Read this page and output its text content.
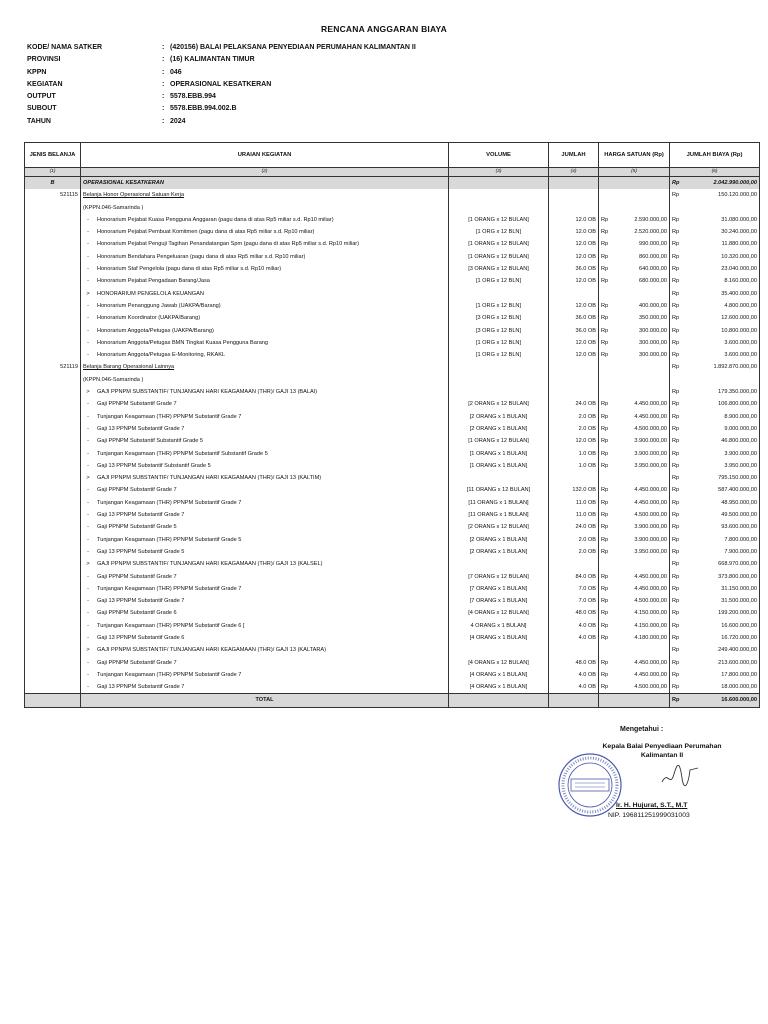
RENCANA ANGGARAN BIAYA
KODE/ NAMA SATKER	: (420156) BALAI PELAKSANA PENYEDIAAN PERUMAHAN KALIMANTAN II
PROVINSI	: (16) KALIMANTAN TIMUR
KPPN	: 046
KEGIATAN	: OPERASIONAL KESATKERAN
OUTPUT	: 5578.EBB.994
SUBOUT	: 5578.EBB.994.002.B
TAHUN	: 2024
JENIS BELANJA	URAIAN KEGIATAN	VOLUME	JUMLAH	HARGA SATUAN (Rp)		JUMLAH BIAYA (Rp)	
(1)	(2)	(3)	(4)	(5)		(6)	
B	OPERASIONAL KESATKERAN					Rp	2.042.990.000,00
521115	Belanja Honor Operasional Satuan Kerja					Rp	150.120.000,00
	(KPPN.046-Samarinda )						
	- Honorarium Pejabat Kuasa Pengguna Anggaran (pagu dana di atas Rp5 miliar s.d. Rp10 miliar)	[1 ORANG x 12 BULAN]	12.0 OB	Rp	2.590.000,00	Rp	31.080.000,00
	- Honorarium Pejabat Pembuat Komitmen (pagu dana di atas Rp5 miliar s.d. Rp10 miliar)	[1 ORG x 12 BLN]	12.0 OB	Rp	2.520.000,00	Rp	30.240.000,00
	- Honorarium Pejabat Penguji Tagihan Penandatangan Spm (pagu dana di atas Rp5 miliar s.d. Rp10 miliar)	[1 ORANG x 12 BULAN]	12.0 OB	Rp	990.000,00	Rp	11.880.000,00
	- Honorarium Bendahara Pengeluaran (pagu dana di atas Rp5 miliar s.d. Rp10 miliar)	[1 ORANG x 12 BULAN]	12.0 OB	Rp	860.000,00	Rp	10.320.000,00
	- Honorarium Staf Pengelola (pagu dana di atas Rp5 miliar s.d. Rp10 miliar)	[3 ORANG x 12 BULAN]	36.0 OB	Rp	640.000,00	Rp	23.040.000,00
	- Honorarium Pejabat Pengadaan Barang/Jasa	[1 ORG x 12 BLN]	12.0 OB	Rp	680.000,00	Rp	8.160.000,00
	> HONORARIUM PENGELOLA KEUANGAN					Rp	35.400.000,00
	- Honorarium Penanggung Jawab (UAKPA/Barang)	[1 ORG x 12 BLN]	12.0 OB	Rp	400.000,00	Rp	4.800.000,00
	- Honorarium Koordinator (UAKPA/Barang)	[3 ORG x 12 BLN]	36.0 OB	Rp	350.000,00	Rp	12.600.000,00
	- Honorarium Anggota/Petugas (UAKPA/Barang)	[3 ORG x 12 BLN]	36.0 OB	Rp	300.000,00	Rp	10.800.000,00
	- Honorarium Anggota/Petugas BMN Tingkat Kuasa Pengguna Barang	[1 ORG x 12 BLN]	12.0 OB	Rp	300.000,00	Rp	3.600.000,00
	- Honorarium Anggota/Petugas E-Monitoring, RKAKL	[1 ORG x 12 BLN]	12.0 OB	Rp	300.000,00	Rp	3.600.000,00
521119	Belanja Barang Operasional Lainnya					Rp	1.892.870.000,00
	(KPPN.046-Samarinda )						
	> GAJI PPNPM SUBSTANTIF/ TUNJANGAN HARI KEAGAMAAN (THR)/ GAJI 13 (BALAI)					Rp	179.350.000,00
	- Gaji PPNPM Substantif Grade 7	[2 ORANG x 12 BULAN]	24.0 OB	Rp	4.450.000,00	Rp	106.800.000,00
	- Tunjangan Keagamaan (THR) PPNPM Substantif Grade 7	[2 ORANG x 1 BULAN]	2.0 OB	Rp	4.450.000,00	Rp	8.900.000,00
	- Gaji 13 PPNPM Substantif Grade 7	[2 ORANG x 1 BULAN]	2.0 OB	Rp	4.500.000,00	Rp	9.000.000,00
	- Gaji PPNPM Substantif Substantif Grade 5	[1 ORANG x 12 BULAN]	12.0 OB	Rp	3.900.000,00	Rp	46.800.000,00
	- Tunjangan Keagamaan (THR) PPNPM Substantif Substantif Grade 5	[1 ORANG x 1 BULAN]	1.0 OB	Rp	3.900.000,00	Rp	3.900.000,00
	- Gaji 13 PPNPM Substantif Substantif Grade 5	[1 ORANG x 1 BULAN]	1.0 OB	Rp	3.950.000,00	Rp	3.950.000,00
	> GAJI PPNPM SUBSTANTIF/ TUNJANGAN HARI KEAGAMAAN (THR)/ GAJI 13 (KALTIM)					Rp	795.150.000,00
	- Gaji PPNPM Substantif Grade 7	[11 ORANG x 12 BULAN]	132.0 OB	Rp	4.450.000,00	Rp	587.400.000,00
	- Tunjangan Keagamaan (THR) PPNPM Substantif Grade 7	[11 ORANG x 1 BULAN]	11.0 OB	Rp	4.450.000,00	Rp	48.950.000,00
	- Gaji 13 PPNPM Substantif Grade 7	[11 ORANG x 1 BULAN]	11.0 OB	Rp	4.500.000,00	Rp	49.500.000,00
	- Gaji PPNPM Substantif Grade 5	[2 ORANG x 12 BULAN]	24.0 OB	Rp	3.900.000,00	Rp	93.600.000,00
	- Tunjangan Keagamaan (THR) PPNPM Substantif Grade 5	[2 ORANG x 1 BULAN]	2.0 OB	Rp	3.900.000,00	Rp	7.800.000,00
	- Gaji 13 PPNPM Substantif Grade 5	[2 ORANG x 1 BULAN]	2.0 OB	Rp	3.950.000,00	Rp	7.900.000,00
	> GAJI PPNPM SUBSTANTIF/ TUNJANGAN HARI KEAGAMAAN (THR)/ GAJI 13 (KALSEL)					Rp	668.970.000,00
	- Gaji PPNPM Substantif Grade 7	[7 ORANG x 12 BULAN]	84.0 OB	Rp	4.450.000,00	Rp	373.800.000,00
	- Tunjangan Keagamaan (THR) PPNPM Substantif Grade 7	[7 ORANG x 1 BULAN]	7.0 OB	Rp	4.450.000,00	Rp	31.150.000,00
	- Gaji 13 PPNPM Substantif Grade 7	[7 ORANG x 1 BULAN]	7.0 OB	Rp	4.500.000,00	Rp	31.500.000,00
	- Gaji PPNPM Substantif Grade 6	[4 ORANG x 12 BULAN]	48.0 OB	Rp	4.150.000,00	Rp	199.200.000,00
	- Tunjangan Keagamaan (THR) PPNPM Substantif Grade 6 [	4 ORANG x 1 BULAN]	4.0 OB	Rp	4.150.000,00	Rp	16.600.000,00
	- Gaji 13 PPNPM Substantif Grade 6	[4 ORANG x 1 BULAN]	4.0 OB	Rp	4.180.000,00	Rp	16.720.000,00
	> GAJI PPNPM SUBSTANTIF/ TUNJANGAN HARI KEAGAMAAN (THR)/ GAJI 13 (KALTARA)					Rp	249.400.000,00
	- Gaji PPNPM Substantif Grade 7	[4 ORANG x 12 BULAN]	48.0 OB	Rp	4.450.000,00	Rp	213.600.000,00
	- Tunjangan Keagamaan (THR) PPNPM Substantif Grade 7	[4 ORANG x 1 BULAN]	4.0 OB	Rp	4.450.000,00	Rp	17.800.000,00
	- Gaji 13 PPNPM Substantif Grade 7	[4 ORANG x 1 BULAN]	4.0 OB	Rp	4.500.000,00	Rp	18.000.000,00
	TOTAL					Rp	16.600.000,00
Mengetahui :
Kepala Balai Penyediaan Perumahan Kalimantan II
Ir. H. Hujurat, S.T., M.T
NIP. 196811251999031003
